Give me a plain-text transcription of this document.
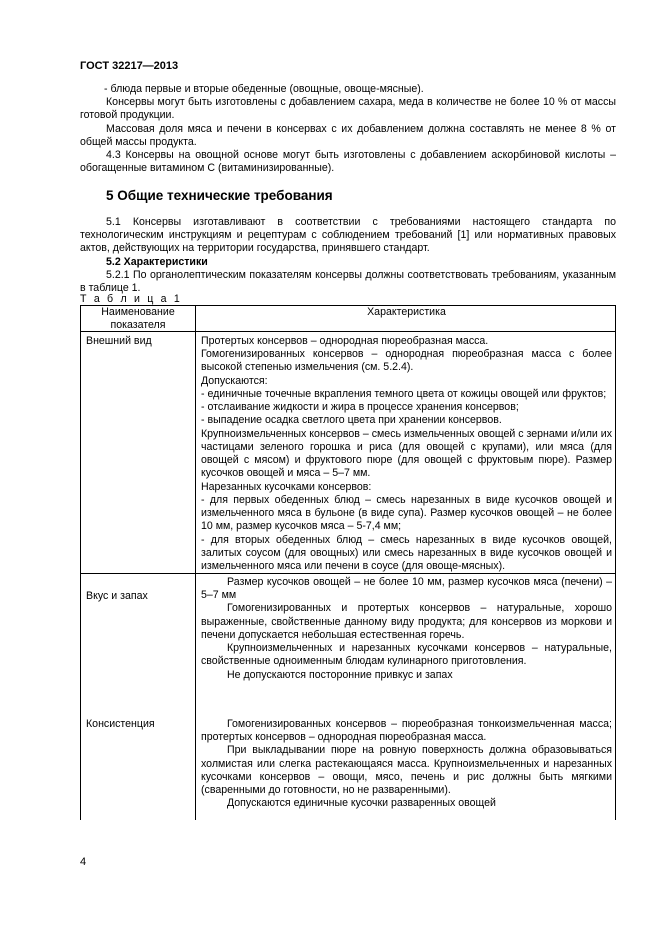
ГОСТ 32217—2013

- блюда первые и вторые обеденные (овощные, овоще-мясные).

Консервы могут быть изготовлены с добавлением сахара, меда в количестве не более 10 % от массы готовой продукции.

Массовая доля мяса и печени в консервах с их добавлением должна составлять не менее 8 % от общей массы продукта.

4.3 Консервы на овощной основе могут быть изготовлены с добавлением аскорбиновой кислоты – обогащенные витамином С (витаминизированные).

5 Общие технические требования

5.1 Консервы изготавливают в соответствии с требованиями настоящего стандарта по технологическим инструкциям и рецептурам с соблюдением требований [1] или нормативных правовых актов, действующих на территории государства, принявшего стандарт.

5.2 Характеристики

5.2.1 По органолептическим показателям консервы должны соответствовать требованиям, указанным в таблице 1.

Т а б л и ц а 1
Наименование показателя
Характеристика
Внешний вид	Протертых консервов – однородная пюреобразная масса.

Гомогенизированных консервов – однородная пюреобразная масса с более высокой степенью измельчения (см. 5.2.4).

Допускаются:

- единичные точечные вкрапления темного цвета от кожицы овощей или фруктов;

- отслаивание жидкости и жира в процессе хранения консервов;

- выпадение осадка светлого цвета при хранении консервов.

Крупноизмельченных консервов – смесь измельченных овощей с зернами и/или их частицами зеленого горошка и риса (для овощей с крупами), или мяса (для овощей с мясом) и фруктового пюре (для овощей с фруктовым пюре). Размер кусочков овощей и мяса – 5–7 мм.

Нарезанных кусочками консервов:

- для первых обеденных блюд – смесь нарезанных в виде кусочков овощей и измельченного мяса в бульоне (в виде супа). Размер кусочков овощей – не более 10 мм, размер кусочков мяса – 5-7,4 мм;

- для вторых обеденных блюд – смесь нарезанных в виде кусочков овощей, залитых соусом (для овощных) или смесь нарезанных в виде кусочков овощей и измельченного мяса или печени в соусе (для овоще-мясных).

Вкус и запах

Размер кусочков овощей – не более 10 мм, размер кусочков мяса (печени) – 5–7 мм

Гомогенизированных и протертых консервов – натуральные, хорошо выраженные, свойственные данному виду продукта; для консервов из моркови и печени допускается небольшая естественная горечь.

Крупноизмельченных и нарезанных кусочками консервов – натуральные, свойственные одноименным блюдам кулинарного приготовления.

Не допускаются посторонние привкус и запах

Консистенция	Гомогенизированных консервов – пюреобразная тонкоизмельченная масса; протертых консервов – однородная пюреобразная масса.

При выкладывании пюре на ровную поверхность должна образовываться холмистая или слегка растекающаяся масса. Крупноизмельченных и нарезанных кусочками консервов – овощи, мясо, печень и рис должны быть мягкими (сваренными до готовности, но не разваренными).

Допускаются единичные кусочки разваренных овощей

4
